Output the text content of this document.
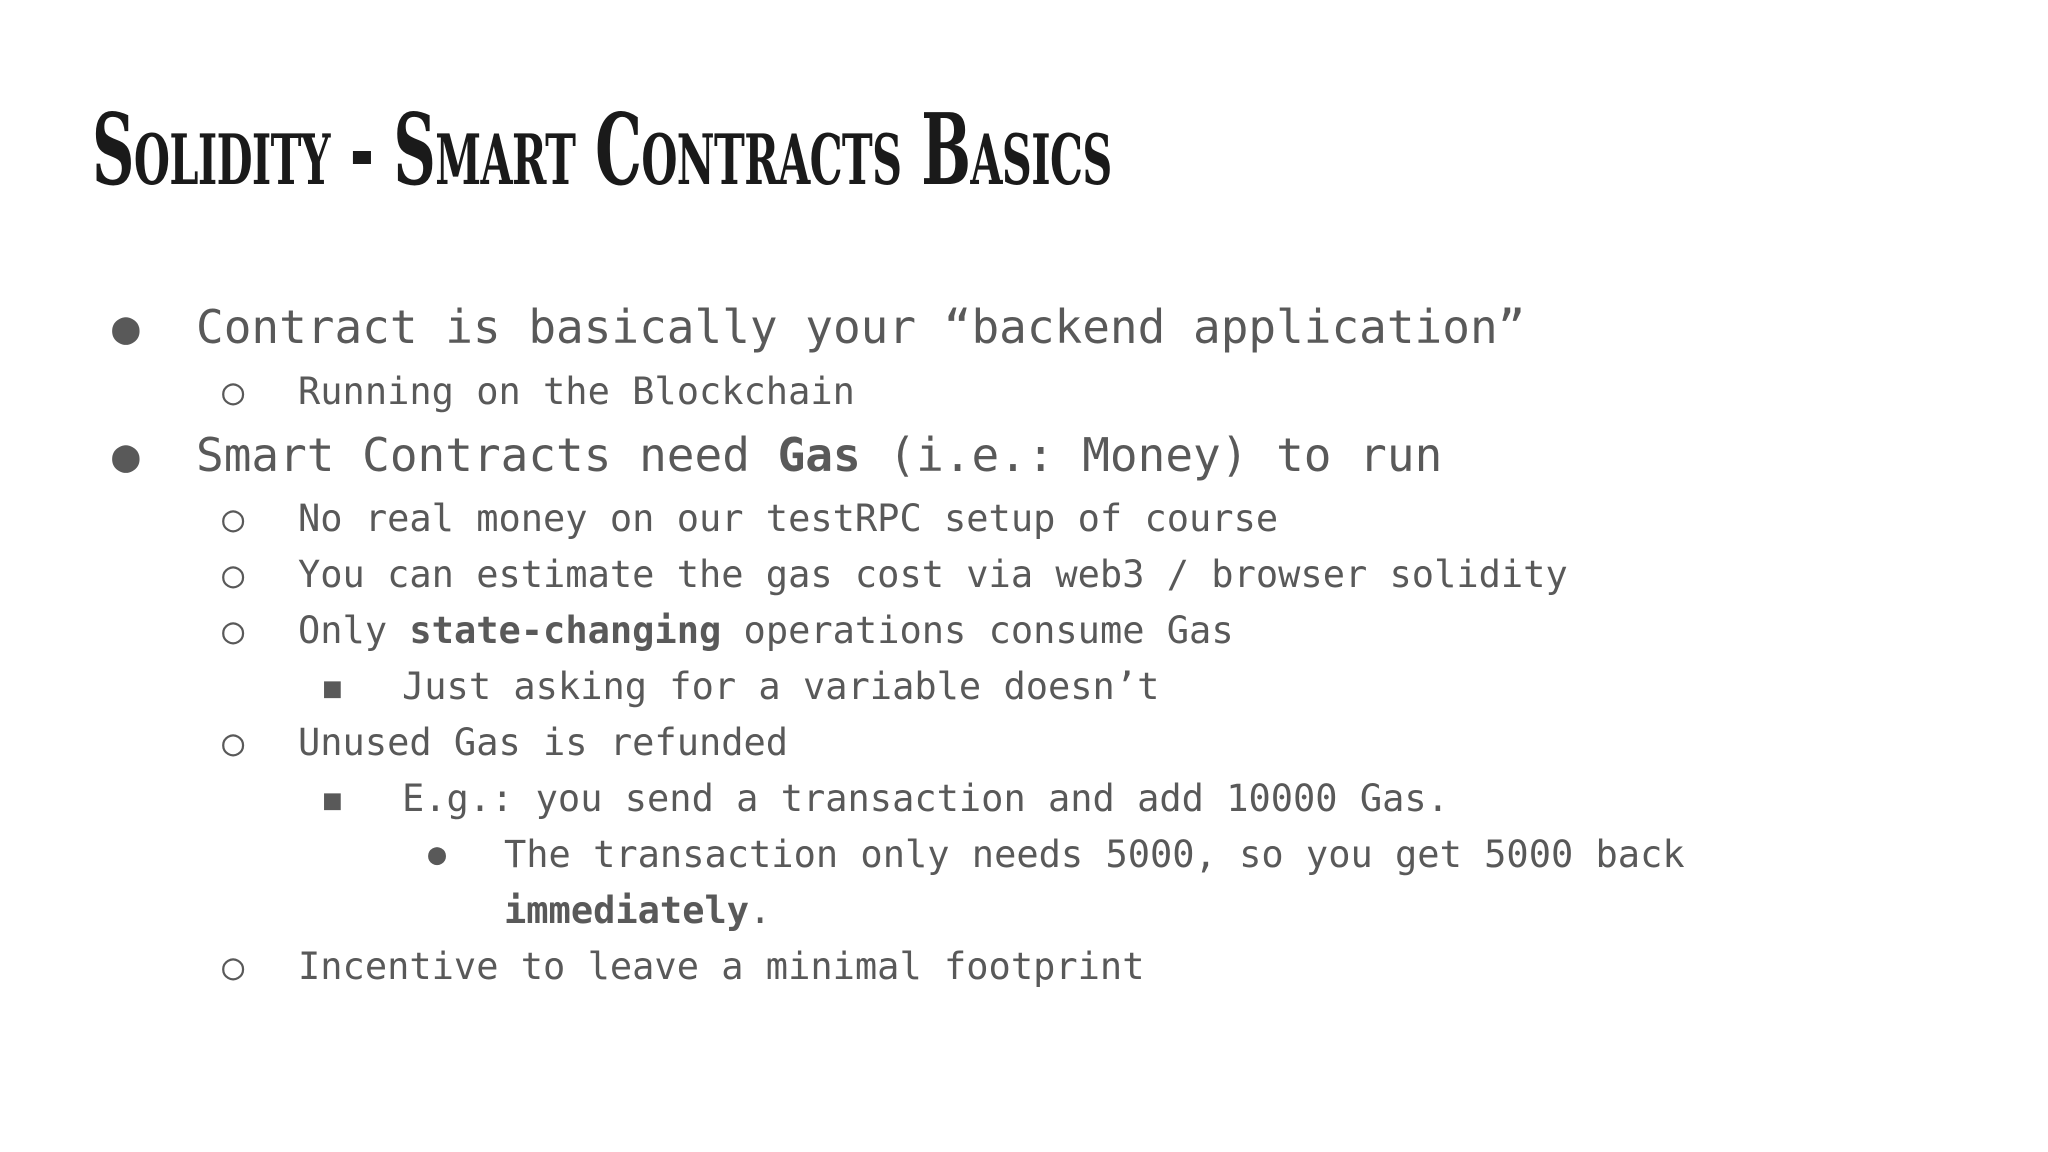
Solidity - Smart Contracts Basics
● Contract is basically your “backend application”
○ Running on the Blockchain
● Smart Contracts need Gas (i.e.: Money) to run
○ No real money on our testRPC setup of course
○ You can estimate the gas cost via web3 / browser solidity
○ Only state-changing operations consume Gas
■ Just asking for a variable doesn’t
○ Unused Gas is refunded
■ E.g.: you send a transaction and add 10000 Gas.
● The transaction only needs 5000, so you get 5000 back
immediately.
○ Incentive to leave a minimal footprint
